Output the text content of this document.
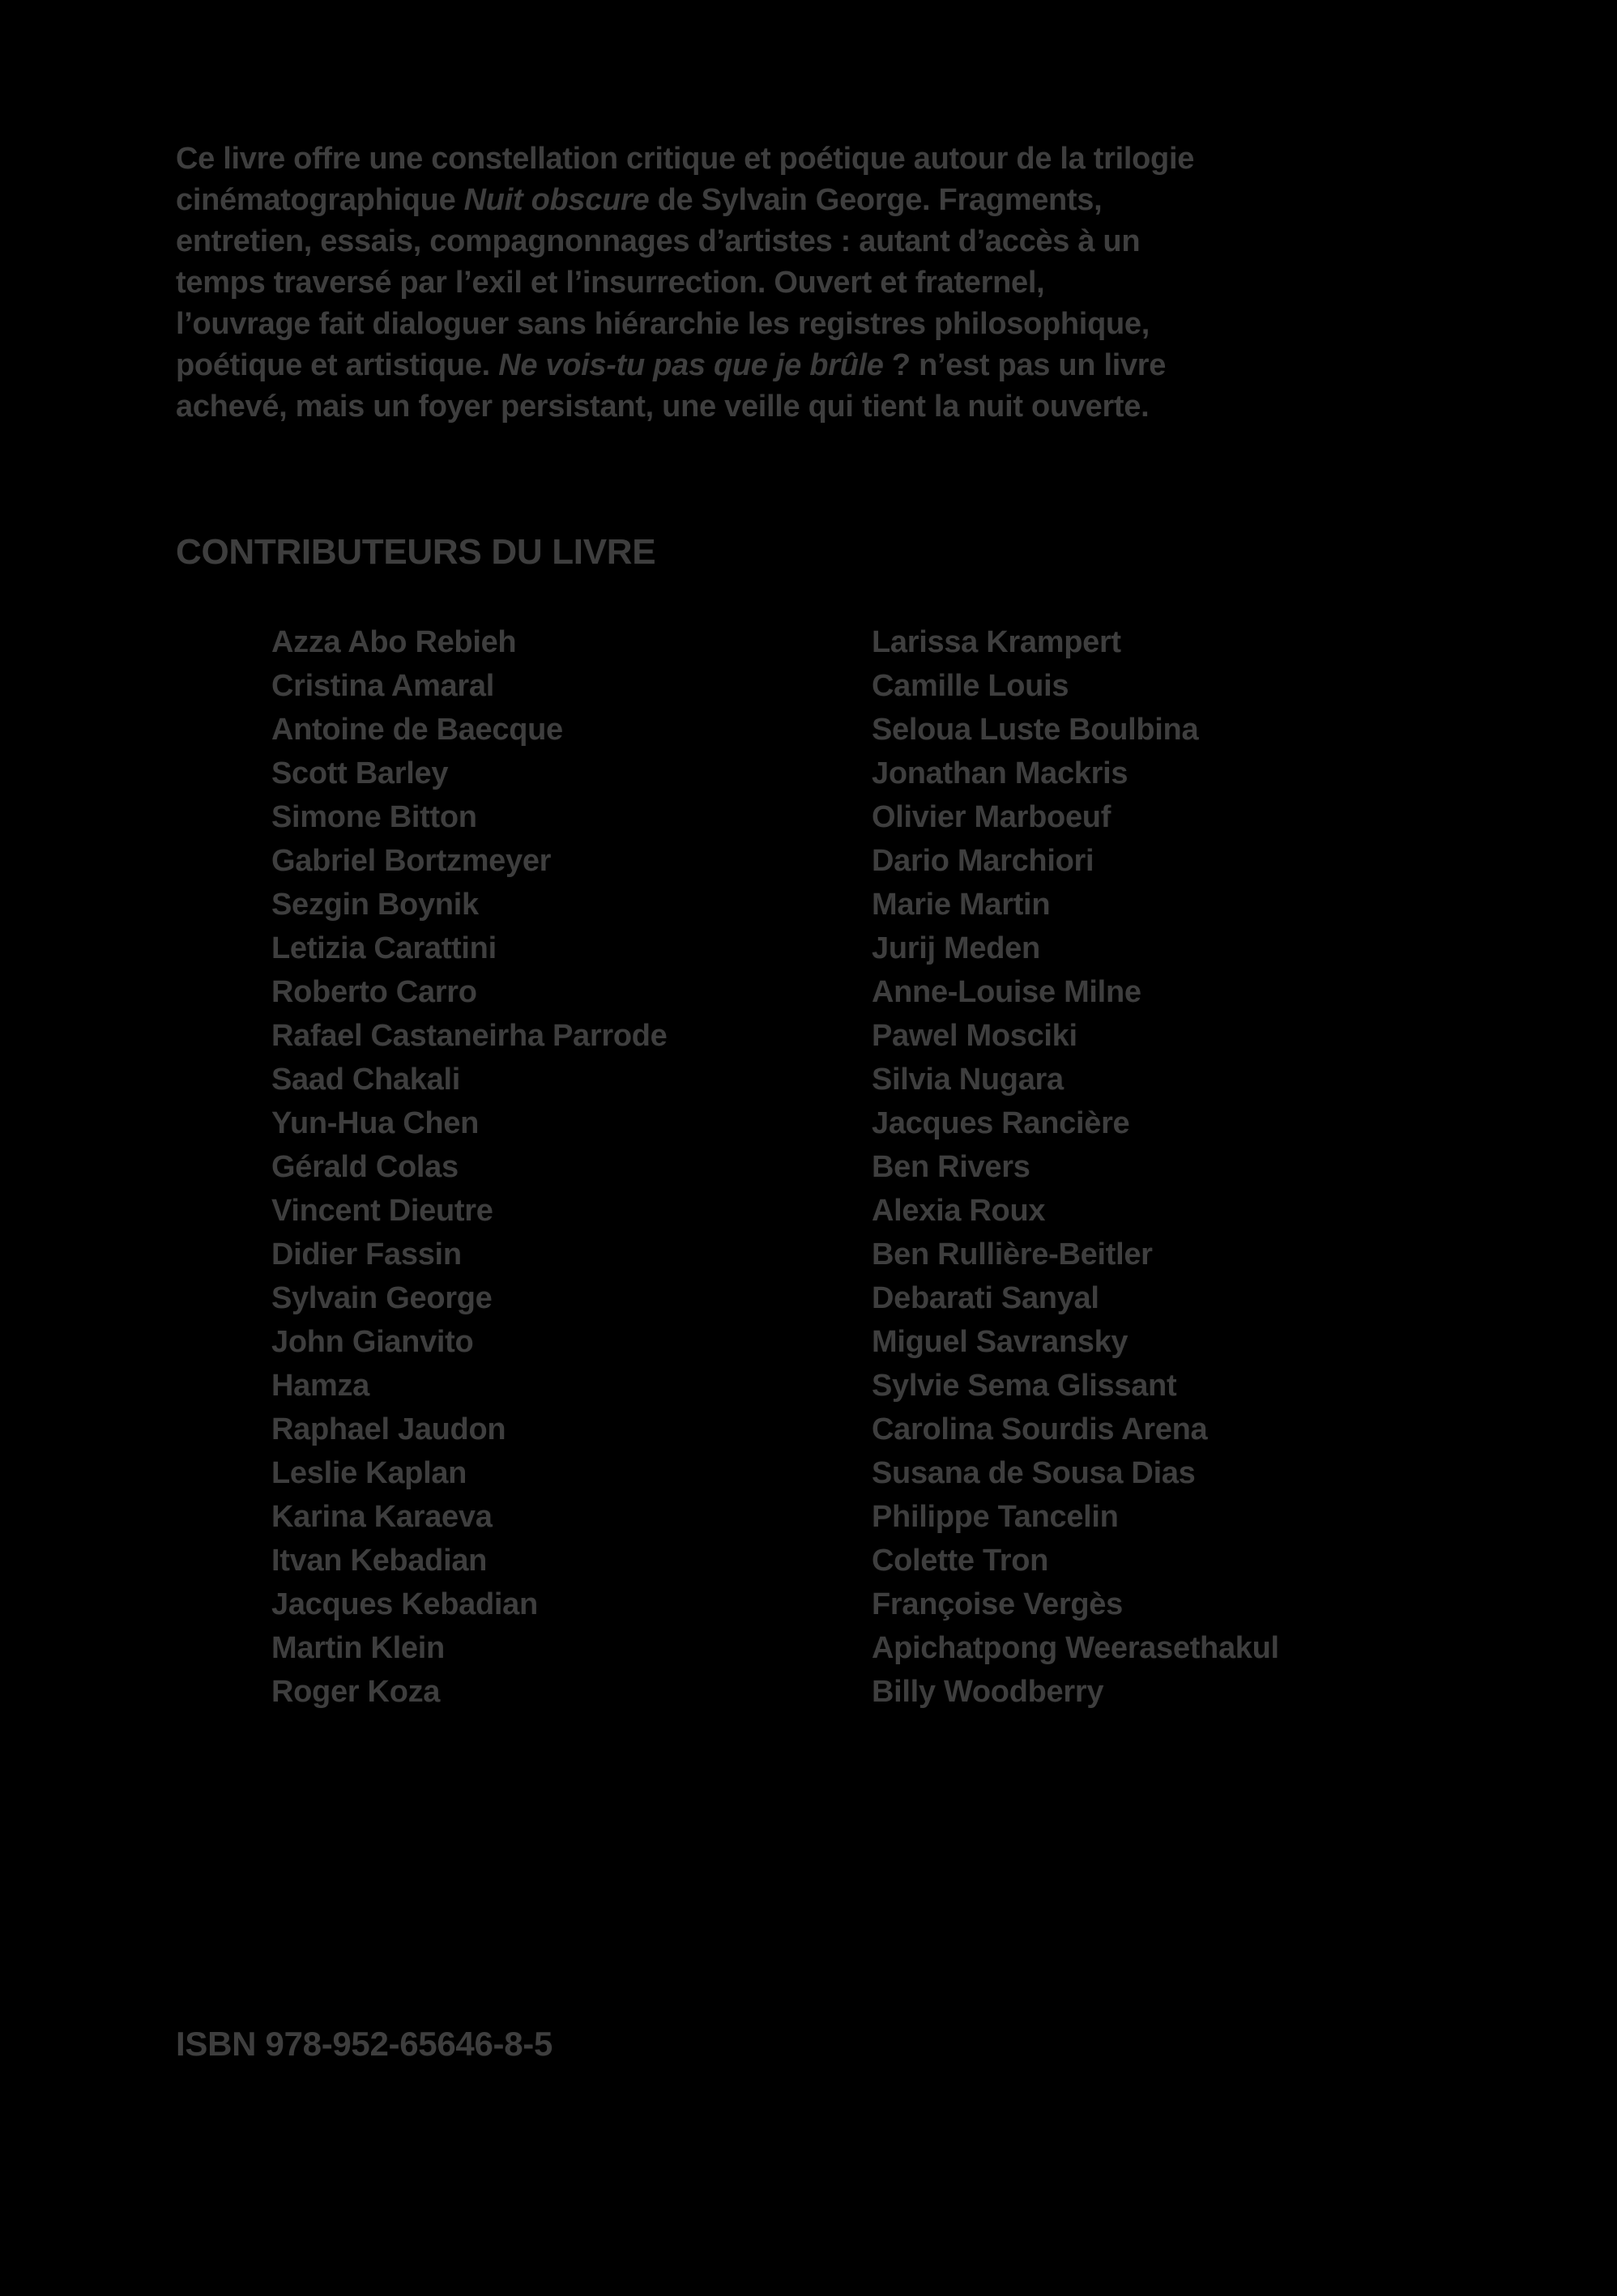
Ce livre offre une constellation critique et poétique autour de la trilogie
cinématographique Nuit obscure de Sylvain George. Fragments,
entretien, essais, compagnonnages d’artistes : autant d’accès à un
temps traversé par l’exil et l’insurrection. Ouvert et fraternel,
l’ouvrage fait dialoguer sans hiérarchie les registres philosophique,
poétique et artistique. Ne vois-tu pas que je brûle ? n’est pas un livre
achevé, mais un foyer persistant, une veille qui tient la nuit ouverte.
CONTRIBUTEURS DU LIVRE
Azza Abo Rebieh
Cristina Amaral
Antoine de Baecque
Scott Barley
Simone Bitton
Gabriel Bortzmeyer
Sezgin Boynik
Letizia Carattini
Roberto Carro
Rafael Castaneirha Parrode
Saad Chakali
Yun-Hua Chen
Gérald Colas
Vincent Dieutre
Didier Fassin
Sylvain George
John Gianvito
Hamza
Raphael Jaudon
Leslie Kaplan
Karina Karaeva
Itvan Kebadian
Jacques Kebadian
Martin Klein
Roger Koza
Larissa Krampert
Camille Louis
Seloua Luste Boulbina
Jonathan Mackris
Olivier Marboeuf
Dario Marchiori
Marie Martin
Jurij Meden
Anne-Louise Milne
Pawel Mosciki
Silvia Nugara
Jacques Rancière
Ben Rivers
Alexia Roux
Ben Rullière-Beitler
Debarati Sanyal
Miguel Savransky
Sylvie Sema Glissant
Carolina Sourdis Arena
Susana de Sousa Dias
Philippe Tancelin
Colette Tron
Françoise Vergès
Apichatpong Weerasethakul
Billy Woodberry
ISBN 978-952-65646-8-5
